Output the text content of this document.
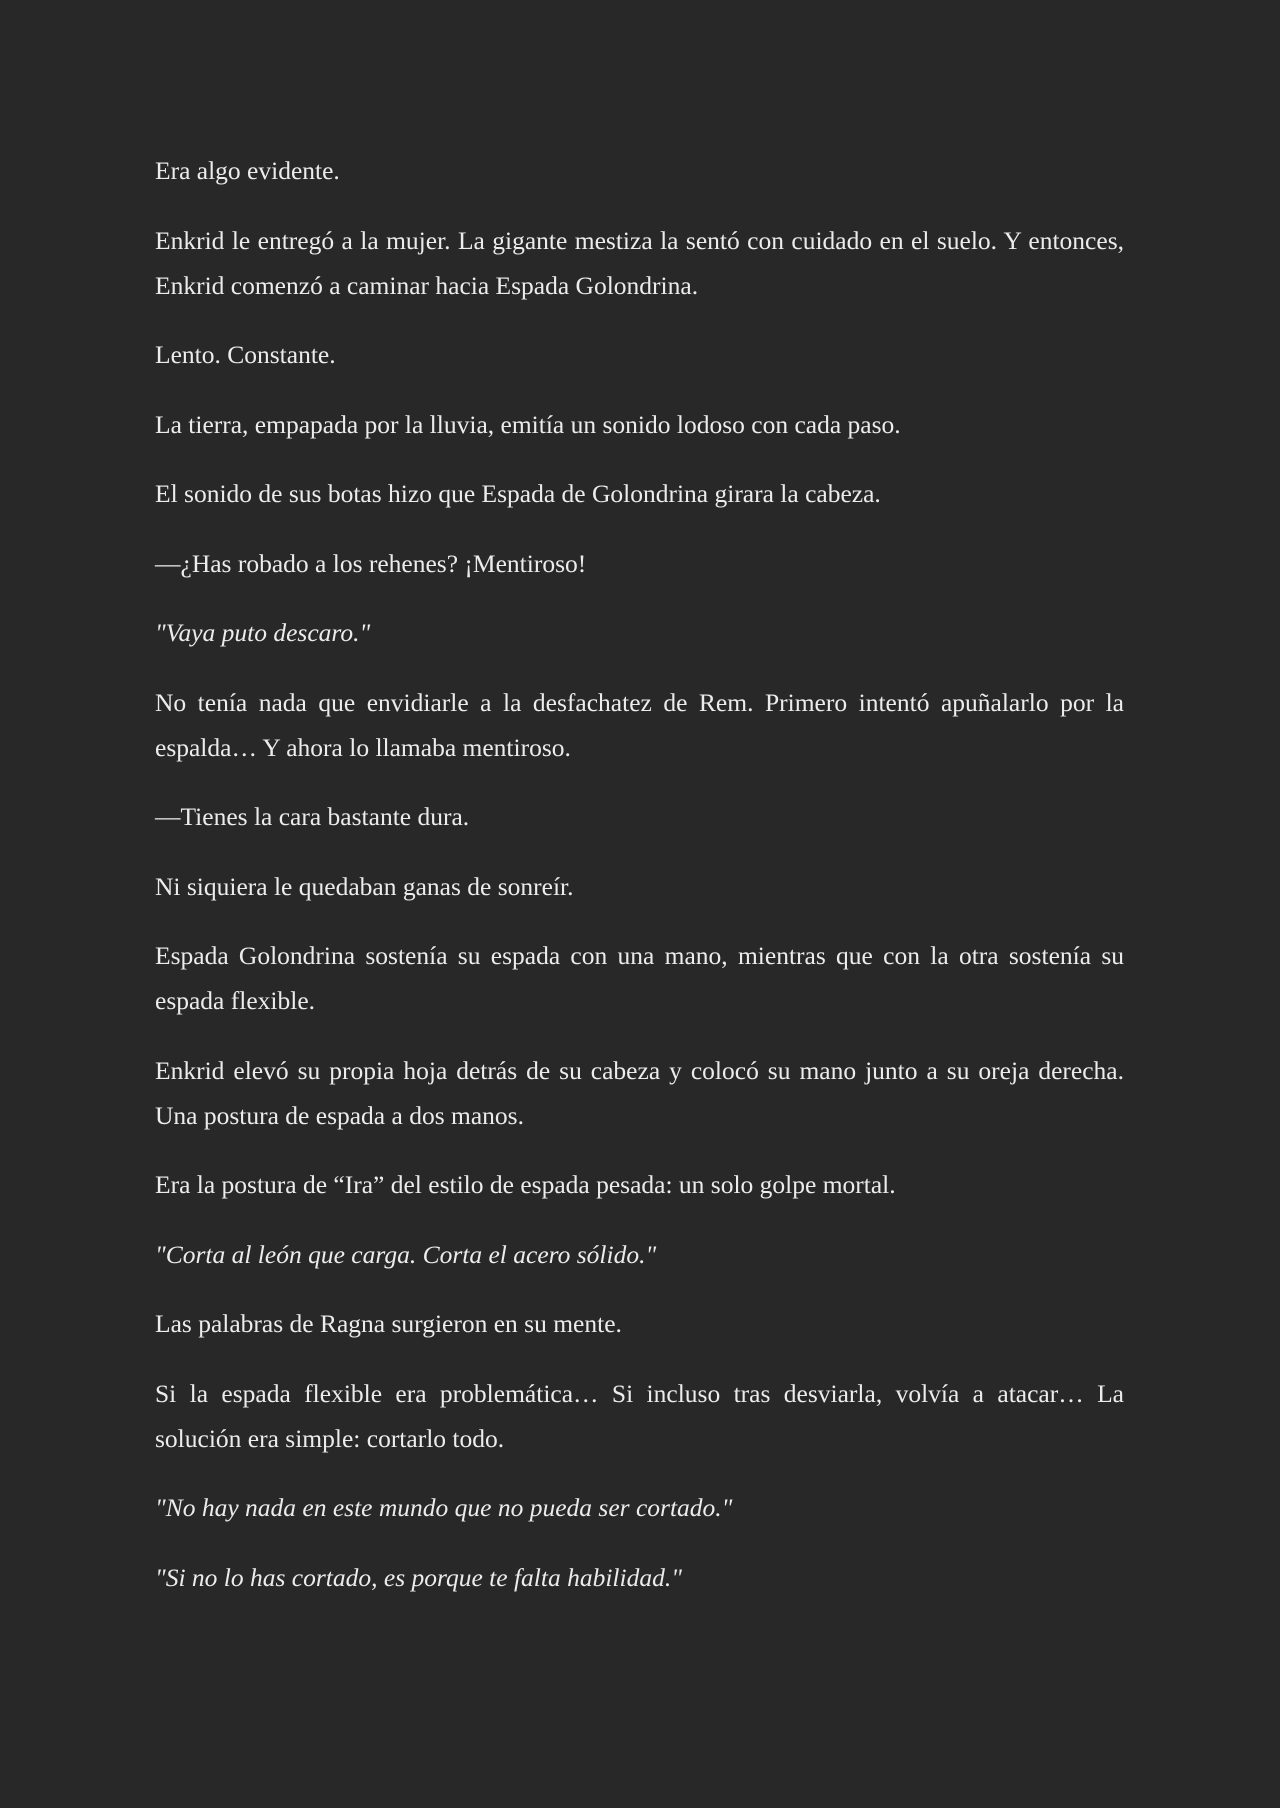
Era algo evidente.

Enkrid le entregó a la mujer. La gigante mestiza la sentó con cuidado en el suelo. Y entonces, Enkrid comenzó a caminar hacia Espada Golondrina.

Lento. Constante.

La tierra, empapada por la lluvia, emitía un sonido lodoso con cada paso.

El sonido de sus botas hizo que Espada de Golondrina girara la cabeza.

—¿Has robado a los rehenes? ¡Mentiroso!

"Vaya puto descaro."

No tenía nada que envidiarle a la desfachatez de Rem. Primero intentó apuñalarlo por la espalda… Y ahora lo llamaba mentiroso.

—Tienes la cara bastante dura.

Ni siquiera le quedaban ganas de sonreír.

Espada Golondrina sostenía su espada con una mano, mientras que con la otra sostenía su espada flexible.

Enkrid elevó su propia hoja detrás de su cabeza y colocó su mano junto a su oreja derecha. Una postura de espada a dos manos.

Era la postura de “Ira” del estilo de espada pesada: un solo golpe mortal.

"Corta al león que carga. Corta el acero sólido."

Las palabras de Ragna surgieron en su mente.

Si la espada flexible era problemática… Si incluso tras desviarla, volvía a atacar… La solución era simple: cortarlo todo.

"No hay nada en este mundo que no pueda ser cortado."

"Si no lo has cortado, es porque te falta habilidad."
